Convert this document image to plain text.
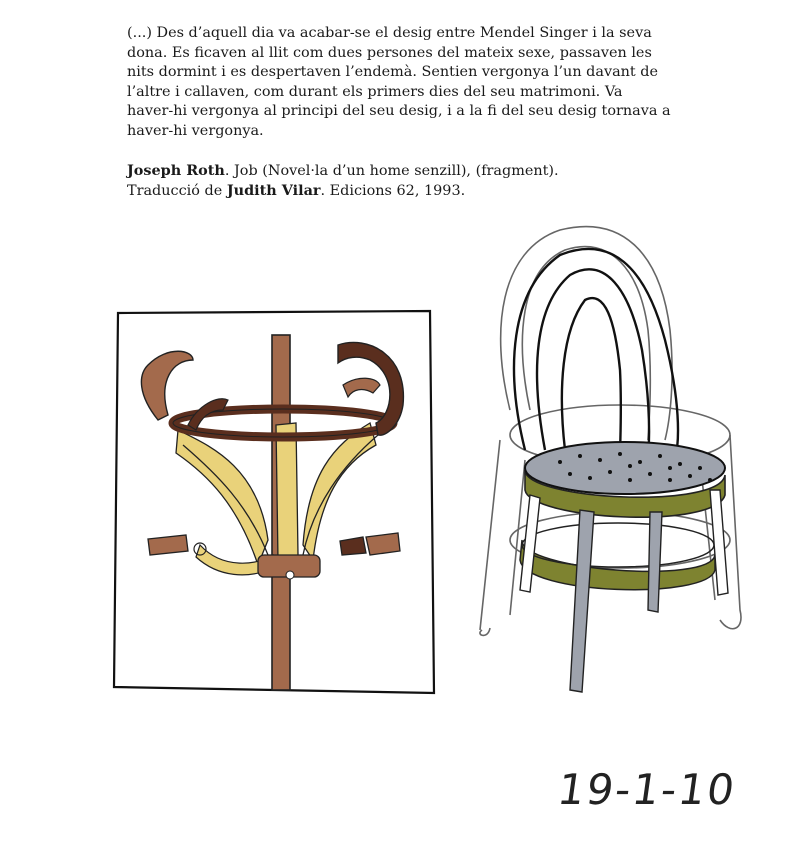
(...) Des d’aquell dia va acabar-se el desig entre Mendel Singer i la seva dona. Es ficaven al llit com dues persones del mateix sexe, passaven les nits dormint i es despertaven l’endemà. Sentien vergonya l’un davant de l’altre i callaven, com durant els primers dies del seu matrimoni. Va haver-hi vergonya al principi del seu desig, i a la fi del seu desig tornava a haver-hi vergonya.

Joseph Roth. Job (Novel·la d’un home senzill), (fragment).
Traducció de Judith Vilar. Edicions 62, 1993.

19-1-10
